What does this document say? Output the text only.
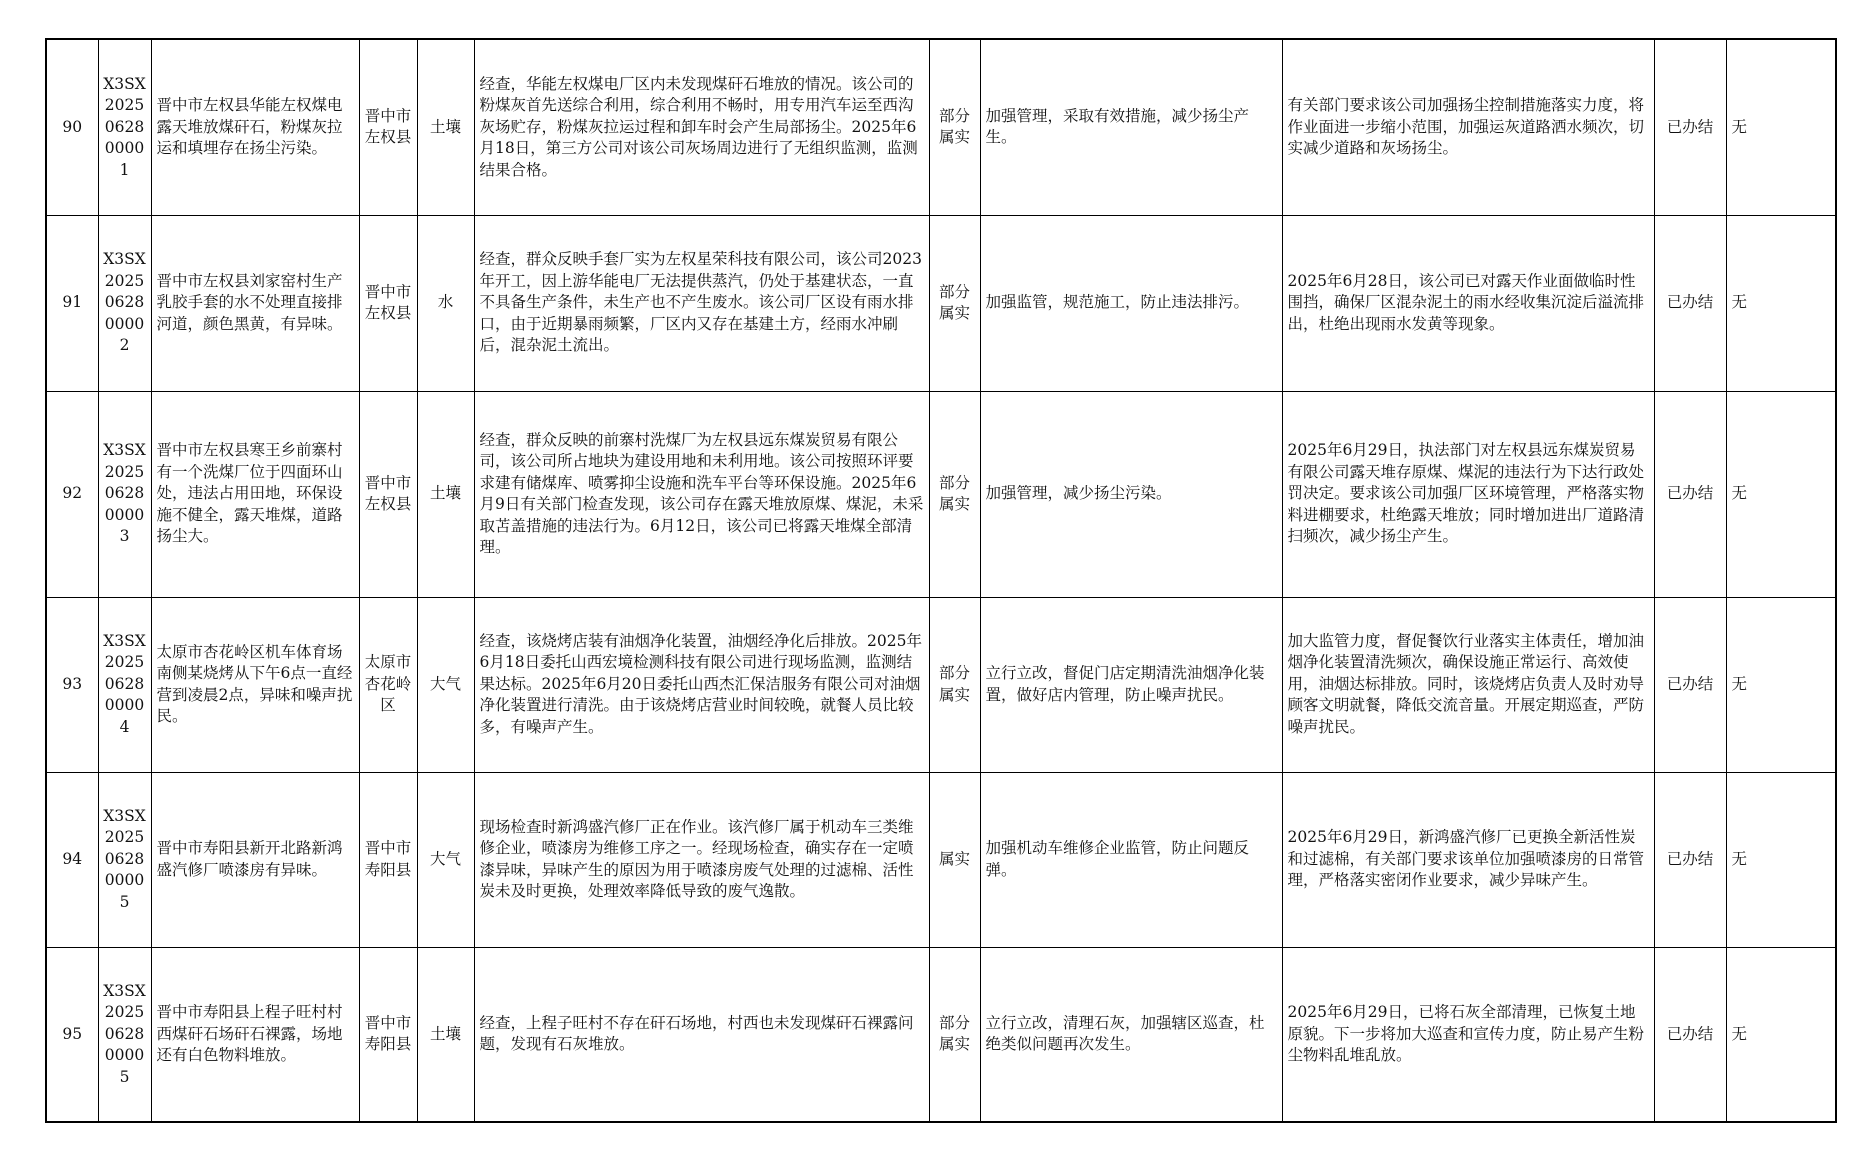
90	X3SX2025062800001	晋中市左权县华能左权煤电露天堆放煤矸石，粉煤灰拉运和填埋存在扬尘污染。	晋中市左权县	土壤	经查，华能左权煤电厂区内未发现煤矸石堆放的情况。该公司的粉煤灰首先送综合利用，综合利用不畅时，用专用汽车运至西沟灰场贮存，粉煤灰拉运过程和卸车时会产生局部扬尘。2025年6月18日，第三方公司对该公司灰场周边进行了无组织监测，监测结果合格。	部分属实	加强管理，采取有效措施，减少扬尘产生。	有关部门要求该公司加强扬尘控制措施落实力度，将作业面进一步缩小范围，加强运灰道路洒水频次，切实减少道路和灰场扬尘。	已办结	无
91	X3SX2025062800002	晋中市左权县刘家窑村生产乳胶手套的水不处理直接排河道，颜色黑黄，有异味。	晋中市左权县	水	经查，群众反映手套厂实为左权星荣科技有限公司，该公司2023年开工，因上游华能电厂无法提供蒸汽，仍处于基建状态，一直不具备生产条件，未生产也不产生废水。该公司厂区设有雨水排口，由于近期暴雨频繁，厂区内又存在基建土方，经雨水冲刷后，混杂泥土流出。	部分属实	加强监管，规范施工，防止违法排污。	2025年6月28日，该公司已对露天作业面做临时性围挡，确保厂区混杂泥土的雨水经收集沉淀后溢流排出，杜绝出现雨水发黄等现象。	已办结	无
92	X3SX2025062800003	晋中市左权县寒王乡前寨村有一个洗煤厂位于四面环山处，违法占用田地，环保设施不健全，露天堆煤，道路扬尘大。	晋中市左权县	土壤	经查，群众反映的前寨村洗煤厂为左权县远东煤炭贸易有限公司，该公司所占地块为建设用地和未利用地。该公司按照环评要求建有储煤库、喷雾抑尘设施和洗车平台等环保设施。2025年6月9日有关部门检查发现，该公司存在露天堆放原煤、煤泥，未采取苫盖措施的违法行为。6月12日，该公司已将露天堆煤全部清理。	部分属实	加强管理，减少扬尘污染。	2025年6月29日，执法部门对左权县远东煤炭贸易有限公司露天堆存原煤、煤泥的违法行为下达行政处罚决定。要求该公司加强厂区环境管理，严格落实物料进棚要求，杜绝露天堆放；同时增加进出厂道路清扫频次，减少扬尘产生。	已办结	无
93	X3SX2025062800004	太原市杏花岭区机车体育场南侧某烧烤从下午6点一直经营到凌晨2点，异味和噪声扰民。	太原市杏花岭区	大气	经查，该烧烤店装有油烟净化装置，油烟经净化后排放。2025年6月18日委托山西宏境检测科技有限公司进行现场监测，监测结果达标。2025年6月20日委托山西杰汇保洁服务有限公司对油烟净化装置进行清洗。由于该烧烤店营业时间较晚，就餐人员比较多，有噪声产生。	部分属实	立行立改，督促门店定期清洗油烟净化装置，做好店内管理，防止噪声扰民。	加大监管力度，督促餐饮行业落实主体责任，增加油烟净化装置清洗频次，确保设施正常运行、高效使用，油烟达标排放。同时，该烧烤店负责人及时劝导顾客文明就餐，降低交流音量。开展定期巡查，严防噪声扰民。	已办结	无
94	X3SX2025062800005	晋中市寿阳县新开北路新鸿盛汽修厂喷漆房有异味。	晋中市寿阳县	大气	现场检查时新鸿盛汽修厂正在作业。该汽修厂属于机动车三类维修企业，喷漆房为维修工序之一。经现场检查，确实存在一定喷漆异味，异味产生的原因为用于喷漆房废气处理的过滤棉、活性炭未及时更换，处理效率降低导致的废气逸散。	属实	加强机动车维修企业监管，防止问题反弹。	2025年6月29日，新鸿盛汽修厂已更换全新活性炭和过滤棉，有关部门要求该单位加强喷漆房的日常管理，严格落实密闭作业要求，减少异味产生。	已办结	无
95	X3SX2025062800005	晋中市寿阳县上程子旺村村西煤矸石场矸石裸露，场地还有白色物料堆放。	晋中市寿阳县	土壤	经查，上程子旺村不存在矸石场地，村西也未发现煤矸石裸露问题，发现有石灰堆放。	部分属实	立行立改，清理石灰，加强辖区巡查，杜绝类似问题再次发生。	2025年6月29日，已将石灰全部清理，已恢复土地原貌。下一步将加大巡查和宣传力度，防止易产生粉尘物料乱堆乱放。	已办结	无
